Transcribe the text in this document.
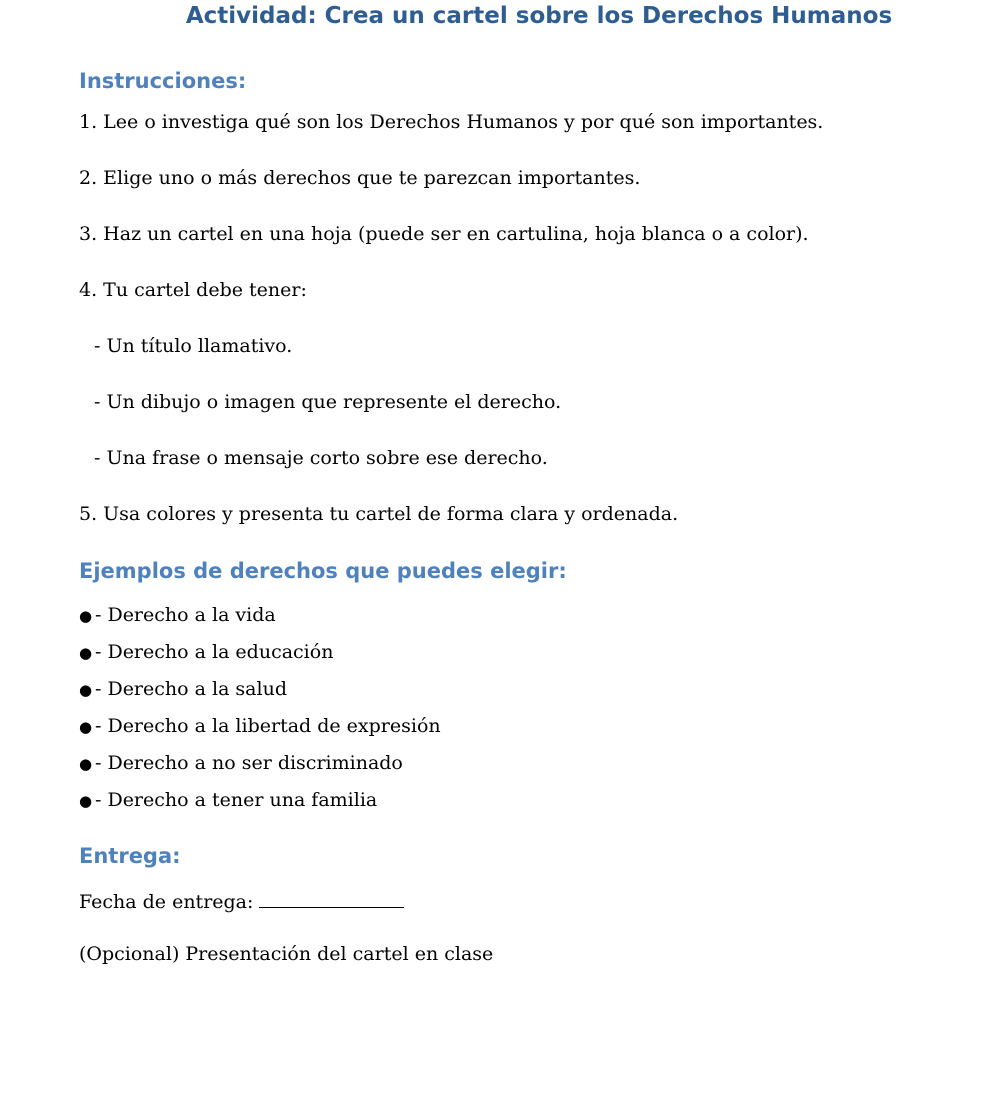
Actividad: Crea un cartel sobre los Derechos Humanos
Instrucciones:
1. Lee o investiga qué son los Derechos Humanos y por qué son importantes.
2. Elige uno o más derechos que te parezcan importantes.
3. Haz un cartel en una hoja (puede ser en cartulina, hoja blanca o a color).
4. Tu cartel debe tener:
- Un título llamativo.
- Un dibujo o imagen que represente el derecho.
- Una frase o mensaje corto sobre ese derecho.
5. Usa colores y presenta tu cartel de forma clara y ordenada.
Ejemplos de derechos que puedes elegir:
● - Derecho a la vida
● - Derecho a la educación
● - Derecho a la salud
● - Derecho a la libertad de expresión
● - Derecho a no ser discriminado
● - Derecho a tener una familia
Entrega:
Fecha de entrega:
(Opcional) Presentación del cartel en clase
